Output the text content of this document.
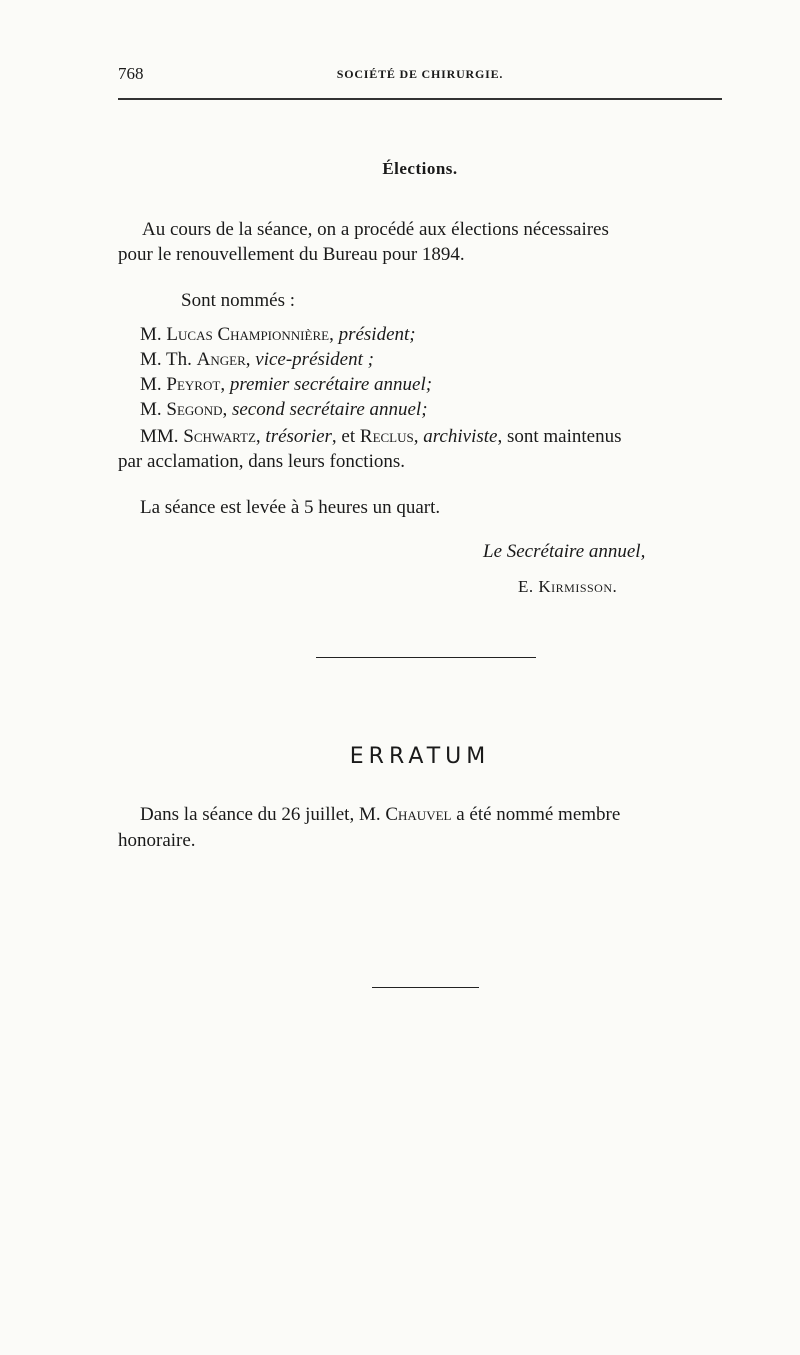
768	SOCIÉTÉ DE CHIRURGIE.
Élections.
Au cours de la séance, on a procédé aux élections nécessaires
pour le renouvellement du Bureau pour 1894.
Sont nommés :
M. Lucas Championnière, président;
M. Th. Anger, vice-président ;
M. Peyrot, premier secrétaire annuel;
M. Segond, second secrétaire annuel;
MM. Schwartz, trésorier, et Reclus, archiviste, sont maintenus
par acclamation, dans leurs fonctions.
La séance est levée à 5 heures un quart.
Le Secrétaire annuel,
E. Kirmisson.
ERRATUM
Dans la séance du 26 juillet, M. Chauvel a été nommé membre
honoraire.
